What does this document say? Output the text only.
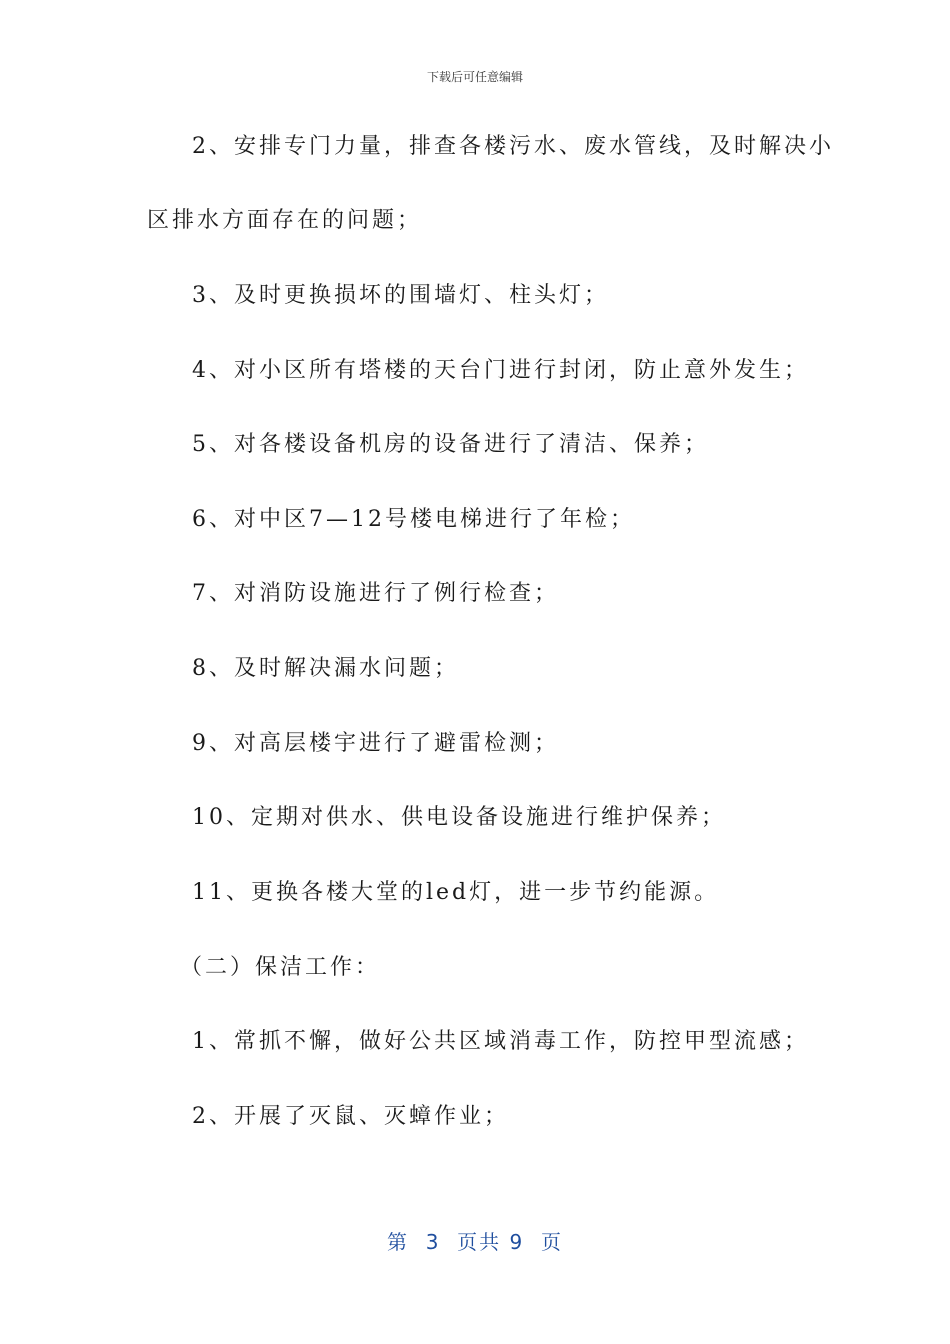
下载后可任意编辑
2、安排专门力量，排查各楼污水、废水管线，及时解决小
区排水方面存在的问题；
3、及时更换损坏的围墙灯、柱头灯；
4、对小区所有塔楼的天台门进行封闭，防止意外发生；
5、对各楼设备机房的设备进行了清洁、保养；
6、对中区7—12号楼电梯进行了年检；
7、对消防设施进行了例行检查；
8、及时解决漏水问题；
9、对高层楼宇进行了避雷检测；
10、定期对供水、供电设备设施进行维护保养；
11、更换各楼大堂的led灯，进一步节约能源。
（二）保洁工作：
1、常抓不懈，做好公共区域消毒工作，防控甲型流感；
2、开展了灭鼠、灭蟑作业；
第  3  页共 9  页
